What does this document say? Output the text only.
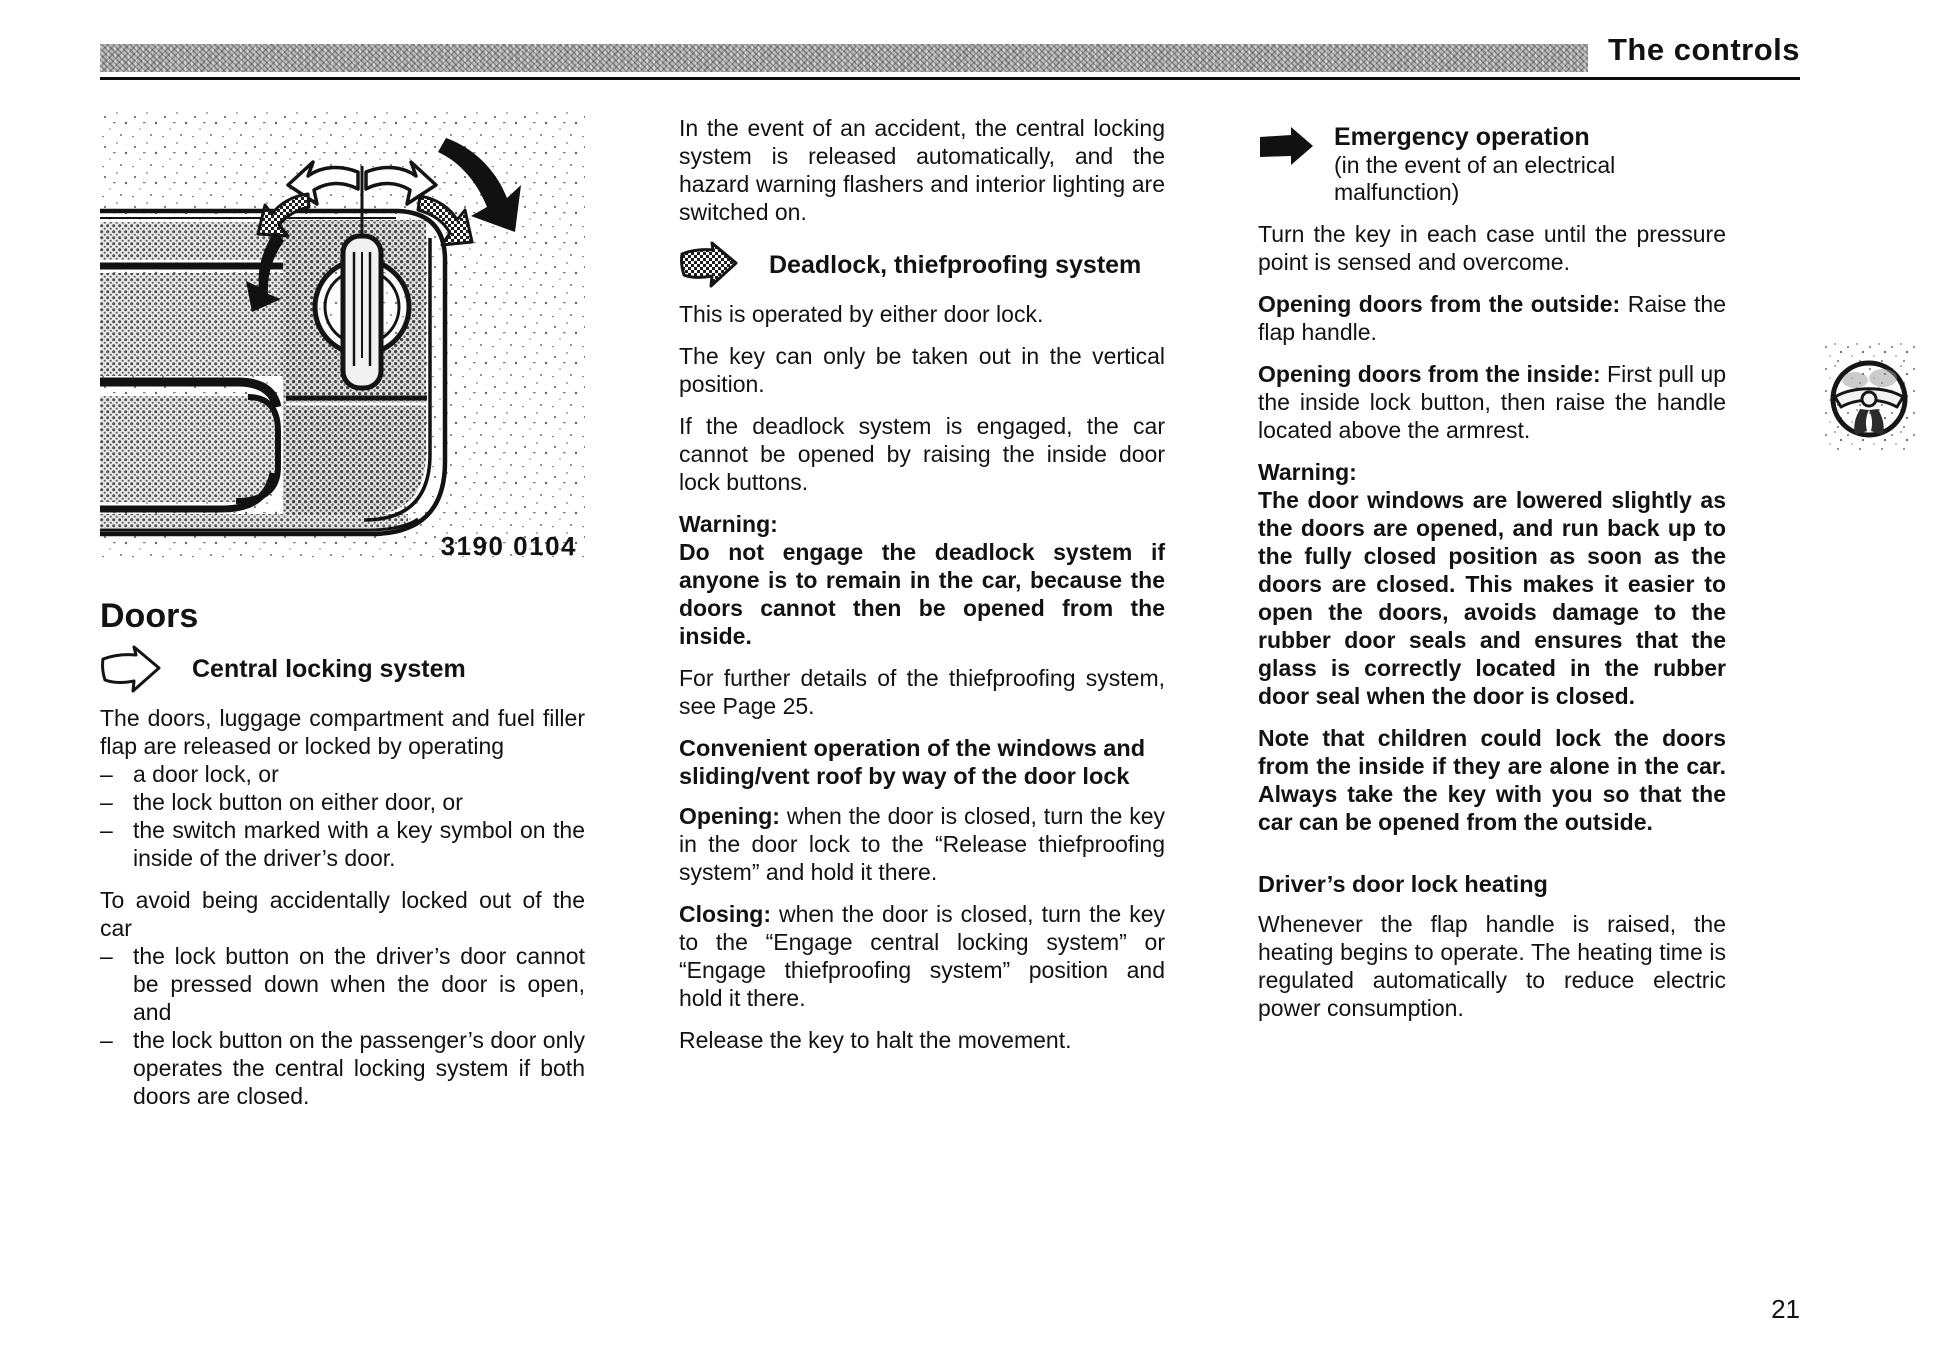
The controls
3190 0104
Doors
Central locking system
The doors, luggage compartment and fuel filler flap are released or locked by operating
– a door lock, or
– the lock button on either door, or
– the switch marked with a key symbol on the inside of the driver’s door.
To avoid being accidentally locked out of the car
– the lock button on the driver’s door cannot be pressed down when the door is open, and
– the lock button on the passenger’s door only operates the central locking system if both doors are closed.
In the event of an accident, the central locking system is released automatically, and the hazard warning flashers and interior lighting are switched on.
Deadlock, thiefproofing system
This is operated by either door lock.
The key can only be taken out in the vertical position.
If the deadlock system is engaged, the car cannot be opened by raising the inside door lock buttons.
Warning:
Do not engage the deadlock system if anyone is to remain in the car, because the doors cannot then be opened from the inside.
For further details of the thiefproofing system, see Page 25.
Convenient operation of the windows and sliding/vent roof by way of the door lock
Opening: when the door is closed, turn the key in the door lock to the “Release thiefproofing system” and hold it there.
Closing: when the door is closed, turn the key to the “Engage central locking system” or “Engage thiefproofing system” position and hold it there.
Release the key to halt the movement.
Emergency operation
(in the event of an electrical malfunction)
Turn the key in each case until the pressure point is sensed and overcome.
Opening doors from the outside: Raise the flap handle.
Opening doors from the inside: First pull up the inside lock button, then raise the handle located above the armrest.
Warning:
The door windows are lowered slightly as the doors are opened, and run back up to the fully closed position as soon as the doors are closed. This makes it easier to open the doors, avoids damage to the rubber door seals and ensures that the glass is correctly located in the rubber door seal when the door is closed.
Note that children could lock the doors from the inside if they are alone in the car. Always take the key with you so that the car can be opened from the outside.
Driver’s door lock heating
Whenever the flap handle is raised, the heating begins to operate. The heating time is regulated automatically to reduce electric power consumption.
21
